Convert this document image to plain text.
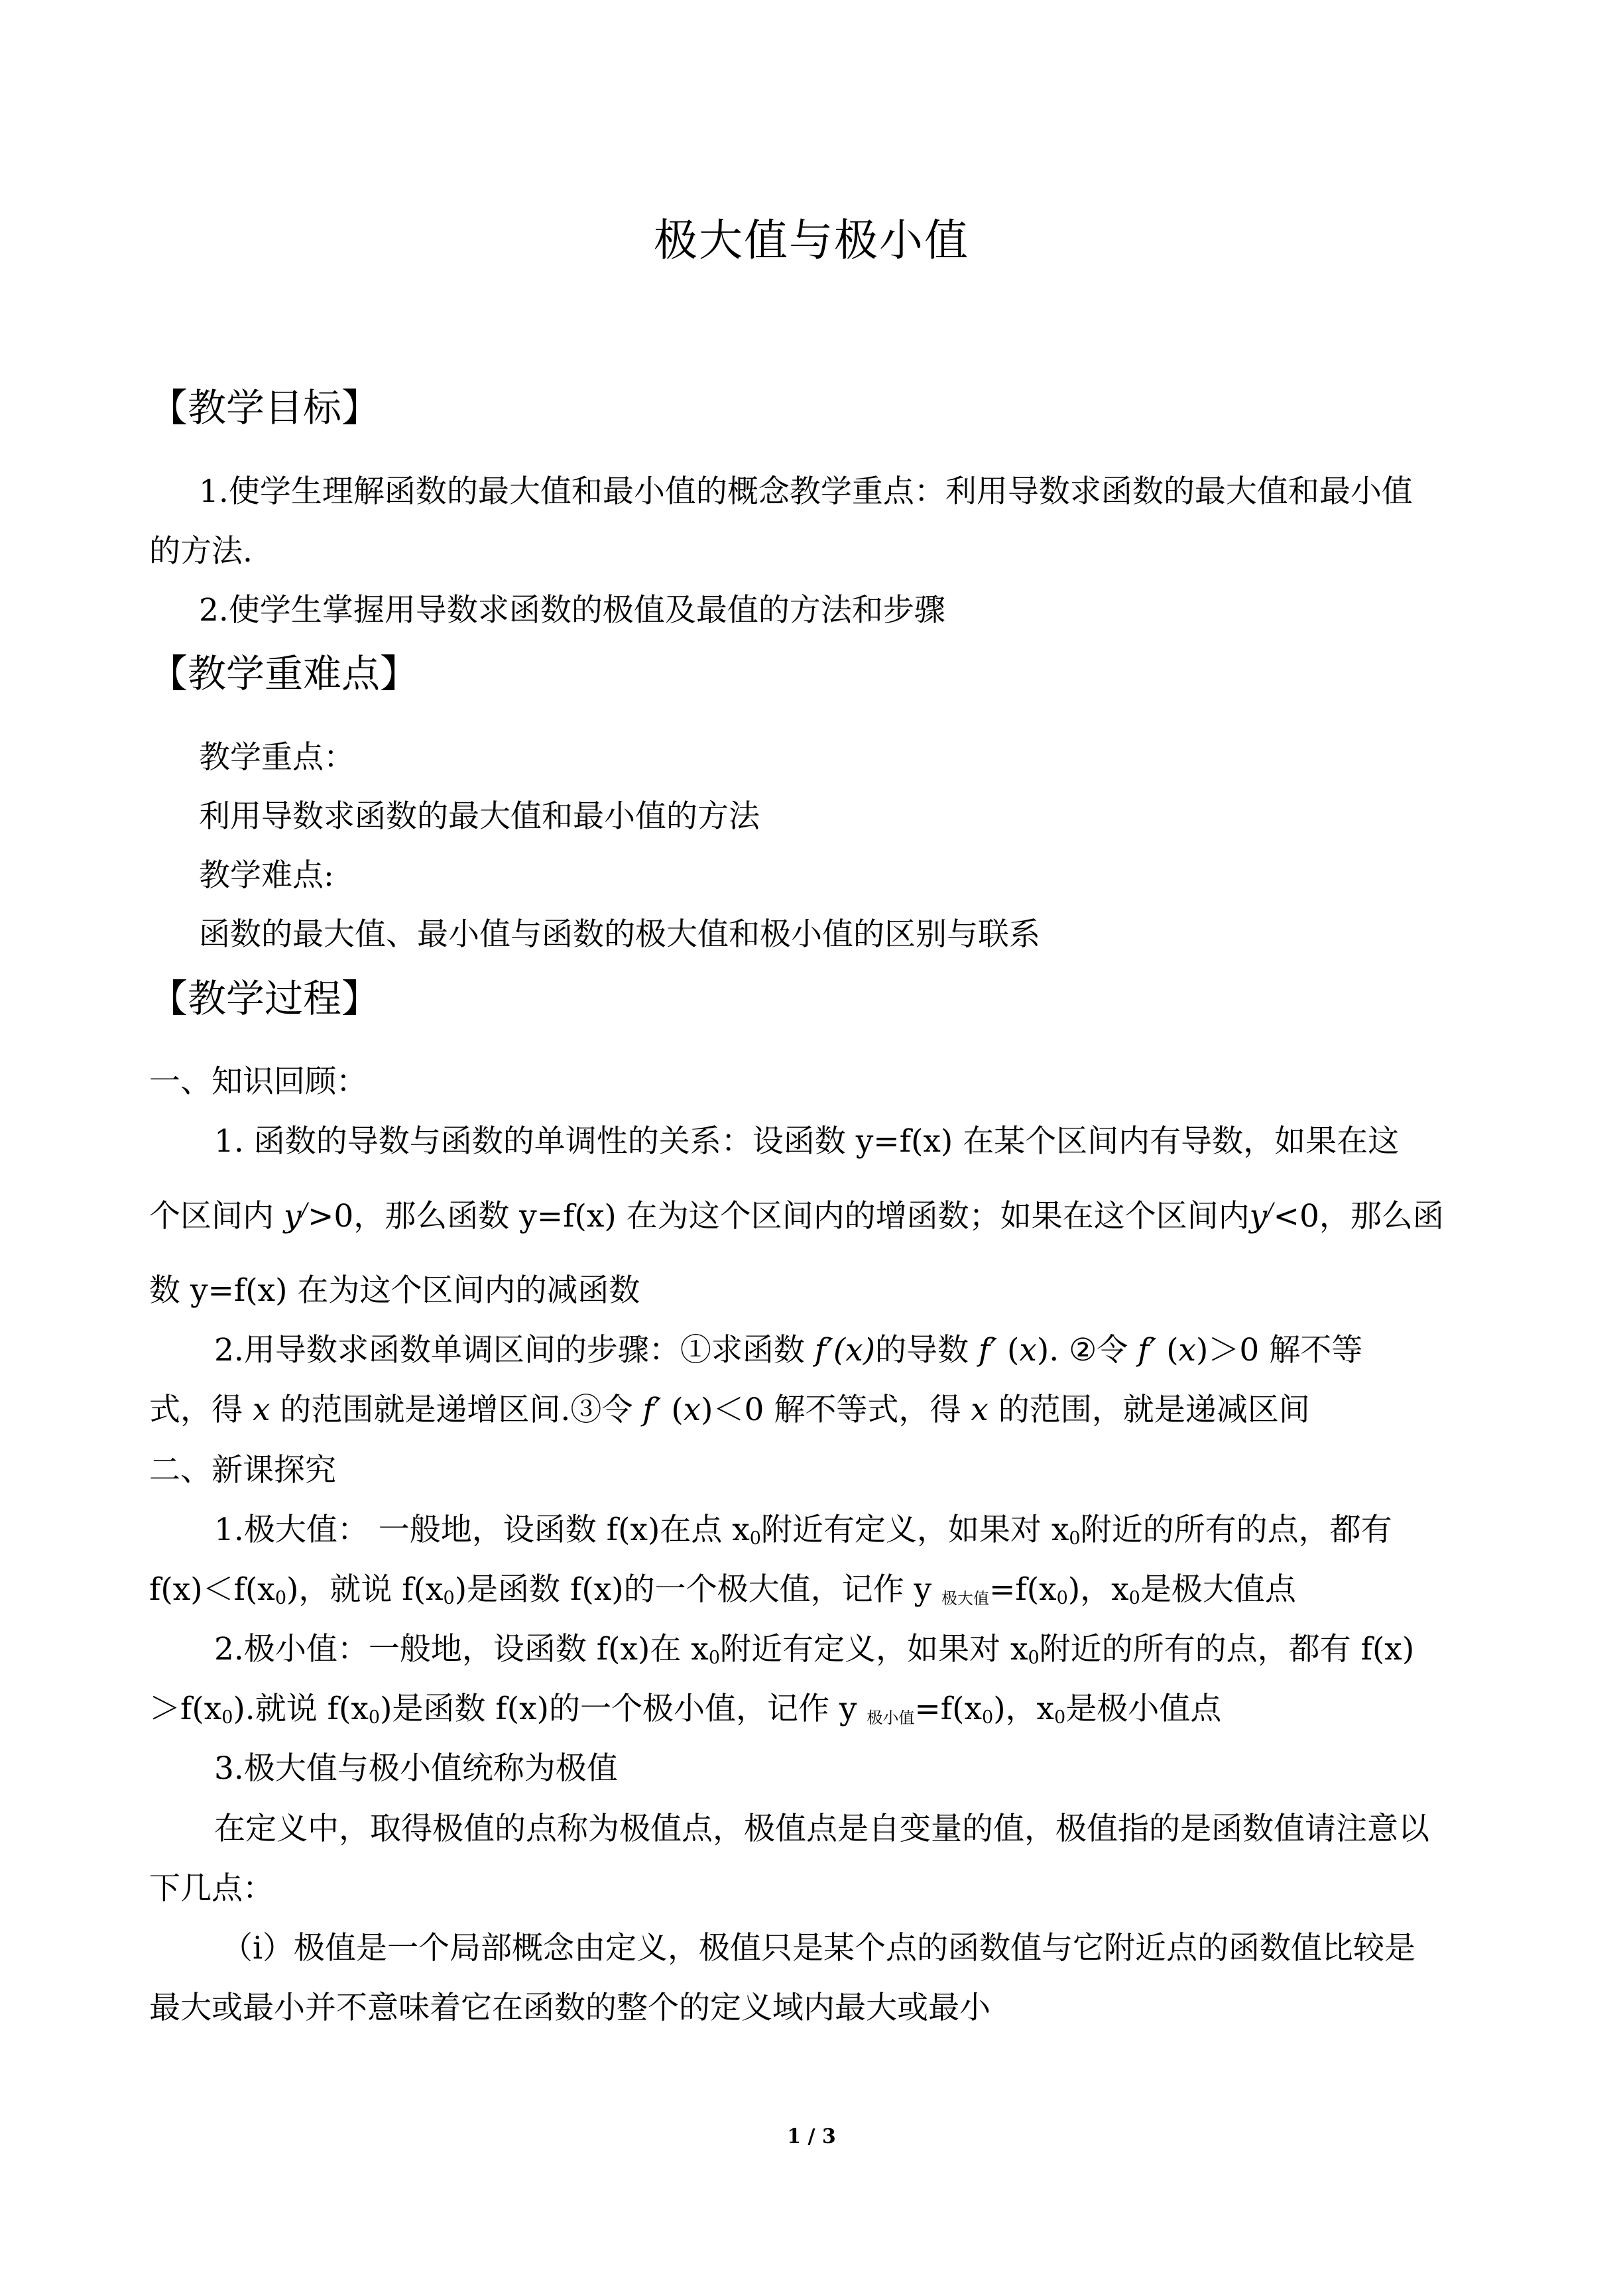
极大值与极小值
【教学目标】
1.使学生理解函数的最大值和最小值的概念教学重点：利用导数求函数的最大值和最小值
的方法.
2.使学生掌握用导数求函数的极值及最值的方法和步骤
【教学重难点】
教学重点：
利用导数求函数的最大值和最小值的方法
教学难点:
函数的最大值、最小值与函数的极大值和极小值的区别与联系
【教学过程】
一、知识回顾：
1. 函数的导数与函数的单调性的关系：设函数 y=f(x) 在某个区间内有导数，如果在这
个区间内 y/>0，那么函数 y=f(x) 在为这个区间内的增函数；如果在这个区间内y/<0，那么函
数 y=f(x) 在为这个区间内的减函数
2.用导数求函数单调区间的步骤：①求函数 f′(x)的导数 f′ (x). ②令 f′ (x)＞0 解不等
式，得 x 的范围就是递增区间.③令 f′ (x)＜0 解不等式，得 x 的范围，就是递减区间
二、新课探究
1.极大值： 一般地，设函数 f(x)在点 $x_0$附近有定义，如果对 $x_0$附近的所有的点，都有
$f(x)<f(x_0)$，就说 $f(x_0)$是函数 f(x)的一个极大值，记作 y 极大值$=f(x_0)$，$x_0$是极大值点
2.极小值：一般地，设函数 f(x)在 $x_0$附近有定义，如果对 $x_0$附近的所有的点，都有 f(x)
$>f(x_0)$.就说 $f(x_0)$是函数 f(x)的一个极小值，记作 y 极小值$=f(x_0)$，$x_0$是极小值点
3.极大值与极小值统称为极值
在定义中，取得极值的点称为极值点，极值点是自变量的值，极值指的是函数值请注意以
下几点：
（ⅰ）极值是一个局部概念由定义，极值只是某个点的函数值与它附近点的函数值比较是
最大或最小并不意味着它在函数的整个的定义域内最大或最小
1 / 3
